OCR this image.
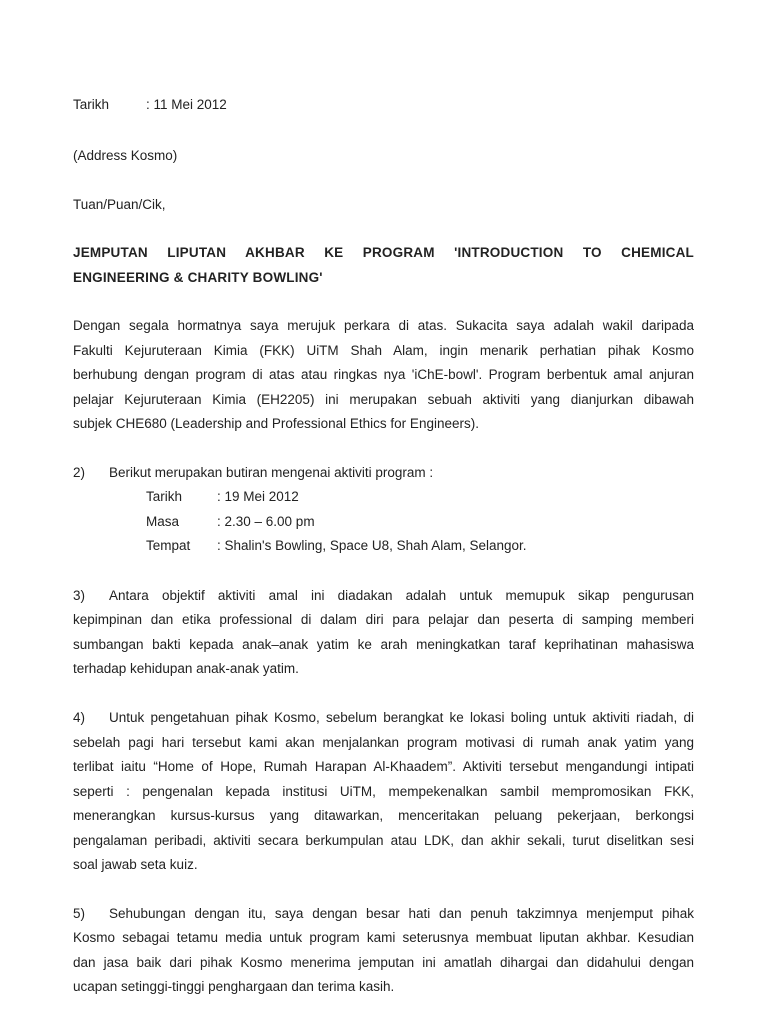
Tarikh	: 11 Mei 2012
(Address Kosmo)
Tuan/Puan/Cik,
JEMPUTAN LIPUTAN AKHBAR KE PROGRAM 'INTRODUCTION TO CHEMICAL
ENGINEERING & CHARITY BOWLING'
Dengan segala hormatnya saya merujuk perkara di atas. Sukacita saya adalah wakil daripada
Fakulti Kejuruteraan Kimia (FKK) UiTM Shah Alam, ingin menarik perhatian pihak Kosmo
berhubung dengan program di atas atau ringkas nya 'iChE-bowl'. Program berbentuk amal anjuran
pelajar Kejuruteraan Kimia (EH2205) ini merupakan sebuah aktiviti yang dianjurkan dibawah
subjek CHE680 (Leadership and Professional Ethics for Engineers).
2) Berikut merupakan butiran mengenai aktiviti program :
Tarikh	: 19 Mei 2012
Masa	: 2.30 – 6.00 pm
Tempat : Shalin's Bowling, Space U8, Shah Alam, Selangor.
3)	Antara objektif aktiviti amal ini diadakan adalah untuk memupuk sikap pengurusan
kepimpinan dan etika professional di dalam diri para pelajar dan peserta di samping memberi
sumbangan bakti kepada anak–anak yatim ke arah meningkatkan taraf keprihatinan mahasiswa
terhadap kehidupan anak-anak yatim.
4)	Untuk pengetahuan pihak Kosmo, sebelum berangkat ke lokasi boling untuk aktiviti riadah, di
sebelah pagi hari tersebut kami akan menjalankan program motivasi di rumah anak yatim yang
terlibat iaitu “Home of Hope, Rumah Harapan Al-Khaadem”. Aktiviti tersebut mengandungi intipati
seperti : pengenalan kepada institusi UiTM, mempekenalkan sambil mempromosikan FKK,
menerangkan kursus-kursus yang ditawarkan, menceritakan peluang pekerjaan, berkongsi
pengalaman peribadi, aktiviti secara berkumpulan atau LDK, dan akhir sekali, turut diselitkan sesi
soal jawab seta kuiz.
5)	Sehubungan dengan itu, saya dengan besar hati dan penuh takzimnya menjemput pihak
Kosmo sebagai tetamu media untuk program kami seterusnya membuat liputan akhbar. Kesudian
dan jasa baik dari pihak Kosmo menerima jemputan ini amatlah dihargai dan didahului dengan
ucapan setinggi-tinggi penghargaan dan terima kasih.
